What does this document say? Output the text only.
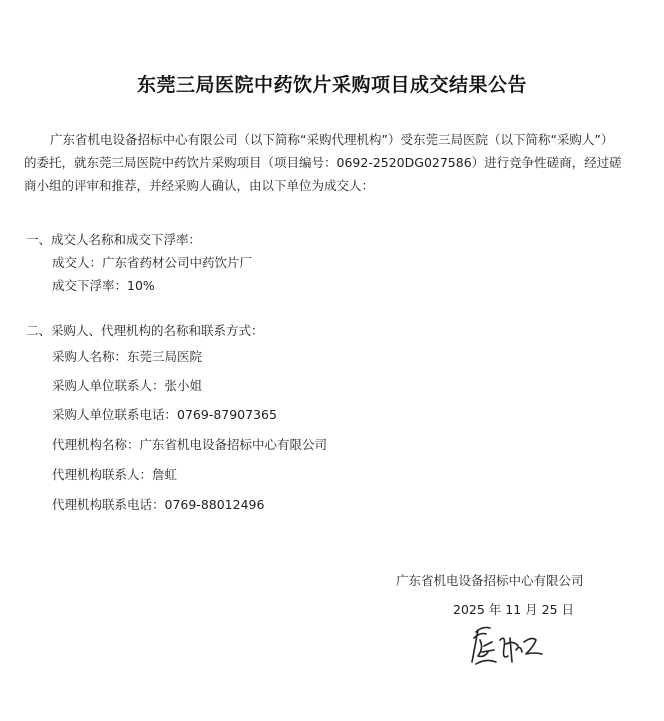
东莞三局医院中药饮片采购项目成交结果公告
广东省机电设备招标中心有限公司（以下简称“采购代理机构”）受东莞三局医院（以下简称“采购人”）的委托，就东莞三局医院中药饮片采购项目（项目编号：0692-2520DG027586）进行竞争性磋商，经过磋商小组的评审和推荐，并经采购人确认，由以下单位为成交人：
一、成交人名称和成交下浮率：
成交人：广东省药材公司中药饮片厂
成交下浮率：10%
二、采购人、代理机构的名称和联系方式：
采购人名称：东莞三局医院
采购人单位联系人：张小姐
采购人单位联系电话：0769-87907365
代理机构名称：广东省机电设备招标中心有限公司
代理机构联系人：詹虹
代理机构联系电话：0769-88012496
广东省机电设备招标中心有限公司
2025 年 11 月 25 日
